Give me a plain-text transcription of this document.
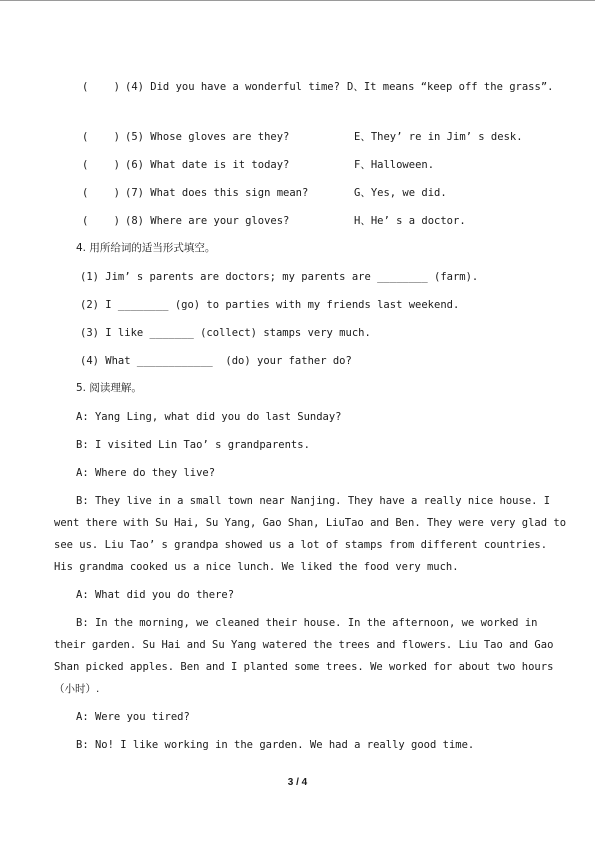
(    ) (4) Did you have a wonderful time? D、It means “keep off the grass”.
(    ) (5) Whose gloves are they?	E、They’ re in Jim’ s desk.
(    ) (6) What date is it today?	F、Halloween.
(    ) (7) What does this sign mean?	G、Yes, we did.
(    ) (8) Where are your gloves?	H、He’ s a doctor.
4. 用所给词的适当形式填空。
(1) Jim’ s parents are doctors; my parents are ________ (farm).
(2) I ________ (go) to parties with my friends last weekend.
(3) I like _______ (collect) stamps very much.
(4) What ____________  (do) your father do?
5. 阅读理解。
A: Yang Ling, what did you do last Sunday?
B: I visited Lin Tao’ s grandparents.
A: Where do they live?
B: They live in a small town near Nanjing. They have a really nice house. I
went there with Su Hai, Su Yang, Gao Shan, LiuTao and Ben. They were very glad to
see us. Liu Tao’ s grandpa showed us a lot of stamps from different countries.
His grandma cooked us a nice lunch. We liked the food very much.
A: What did you do there?
B: In the morning, we cleaned their house. In the afternoon, we worked in
their garden. Su Hai and Su Yang watered the trees and flowers. Liu Tao and Gao
Shan picked apples. Ben and I planted some trees. We worked for about two hours
（小时）.
A: Were you tired?
B: No! I like working in the garden. We had a really good time.
3 / 4
